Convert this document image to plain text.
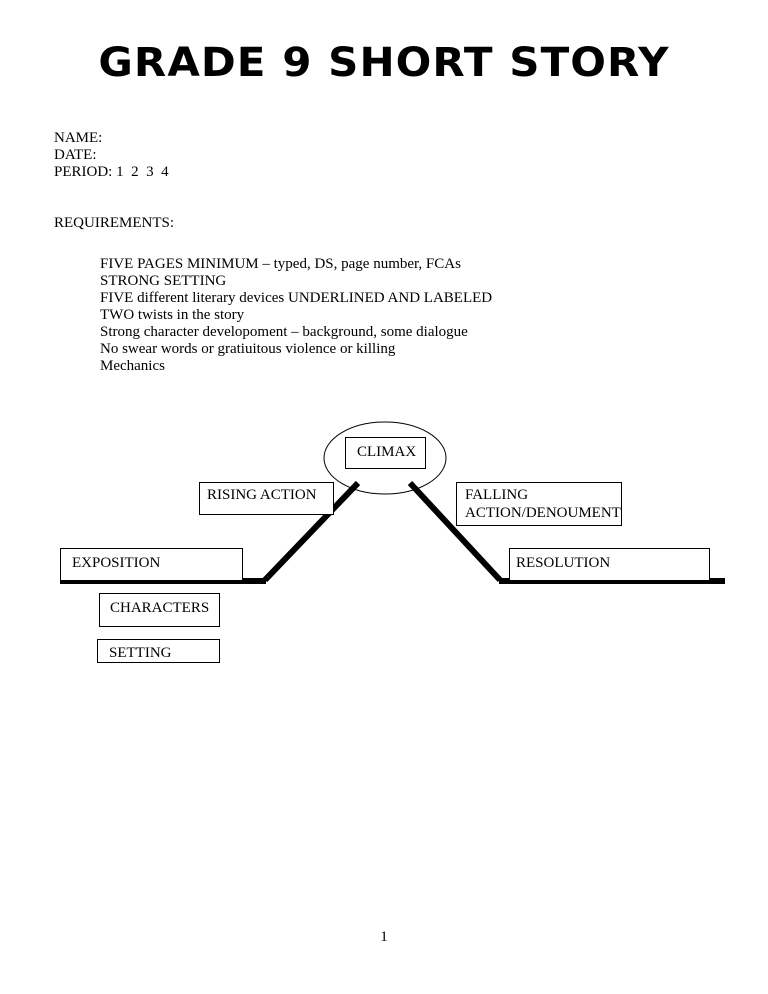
GRADE 9 SHORT STORY
NAME:
DATE:
PERIOD: 1  2  3  4
REQUIREMENTS:
FIVE PAGES MINIMUM – typed, DS, page number, FCAs
STRONG SETTING
FIVE different literary devices UNDERLINED AND LABELED
TWO twists in the story
Strong character developoment – background, some dialogue
No swear words or gratiuitous violence or killing
Mechanics
CLIMAX
RISING ACTION	FALLING ACTION/DENOUMENT
EXPOSITION	RESOLUTION
CHARACTERS
SETTING
1
